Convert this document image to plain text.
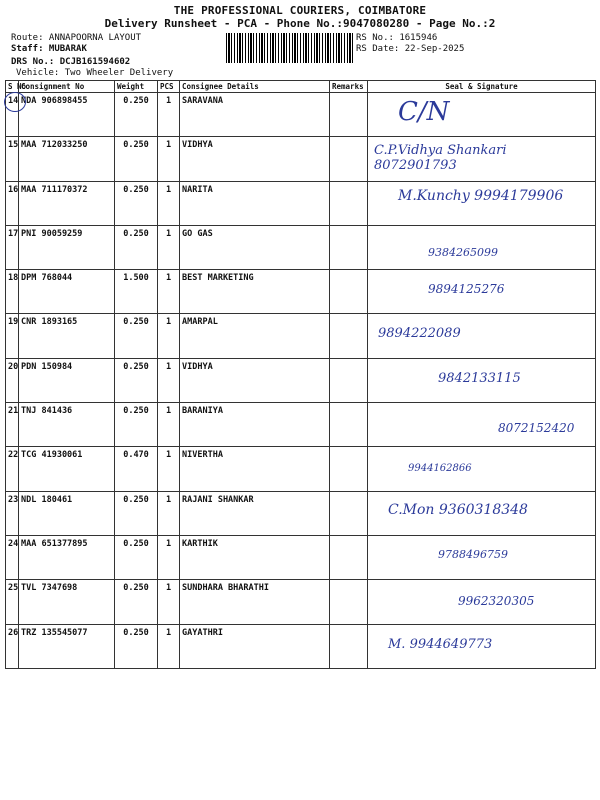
THE PROFESSIONAL COURIERS, COIMBATORE
Delivery Runsheet - PCA - Phone No.:9047080280 - Page No.:2
Route: ANNAPOORNA LAYOUT
Staff: MUBARAK
DRS No.: DCJB161594602
Vehicle: Two Wheeler Delivery
RS No.: 1615946
RS Date: 22-Sep-2025
S No	Consignment No	Weight	PCS	Consignee Details	Remarks	Seal & Signature
14	NDA 906898455	0.250	1	SARAVANA		C/N

15	MAA 712033250	0.250	1	VIDHYA		C.P.Vidhya Shankari 8072901793

16	MAA 711170372	0.250	1	NARITA		M.Kunchy 9994179906

17	PNI 90059259	0.250	1	GO GAS		9384265099

18	DPM 768044	1.500	1	BEST MARKETING		9894125276

19	CNR 1893165	0.250	1	AMARPAL		9894222089

20	PDN 150984	0.250	1	VIDHYA		9842133115

21	TNJ 841436	0.250	1	BARANIYA		8072152420

22	TCG 41930061	0.470	1	NIVERTHA		9944162866

23	NDL 180461	0.250	1	RAJANI SHANKAR		C.Mon 9360318348

24	MAA 651377895	0.250	1	KARTHIK		9788496759

25	TVL 7347698	0.250	1	SUNDHARA BHARATHI		9962320305

26	TRZ 135545077	0.250	1	GAYATHRI		M. 9944649773
